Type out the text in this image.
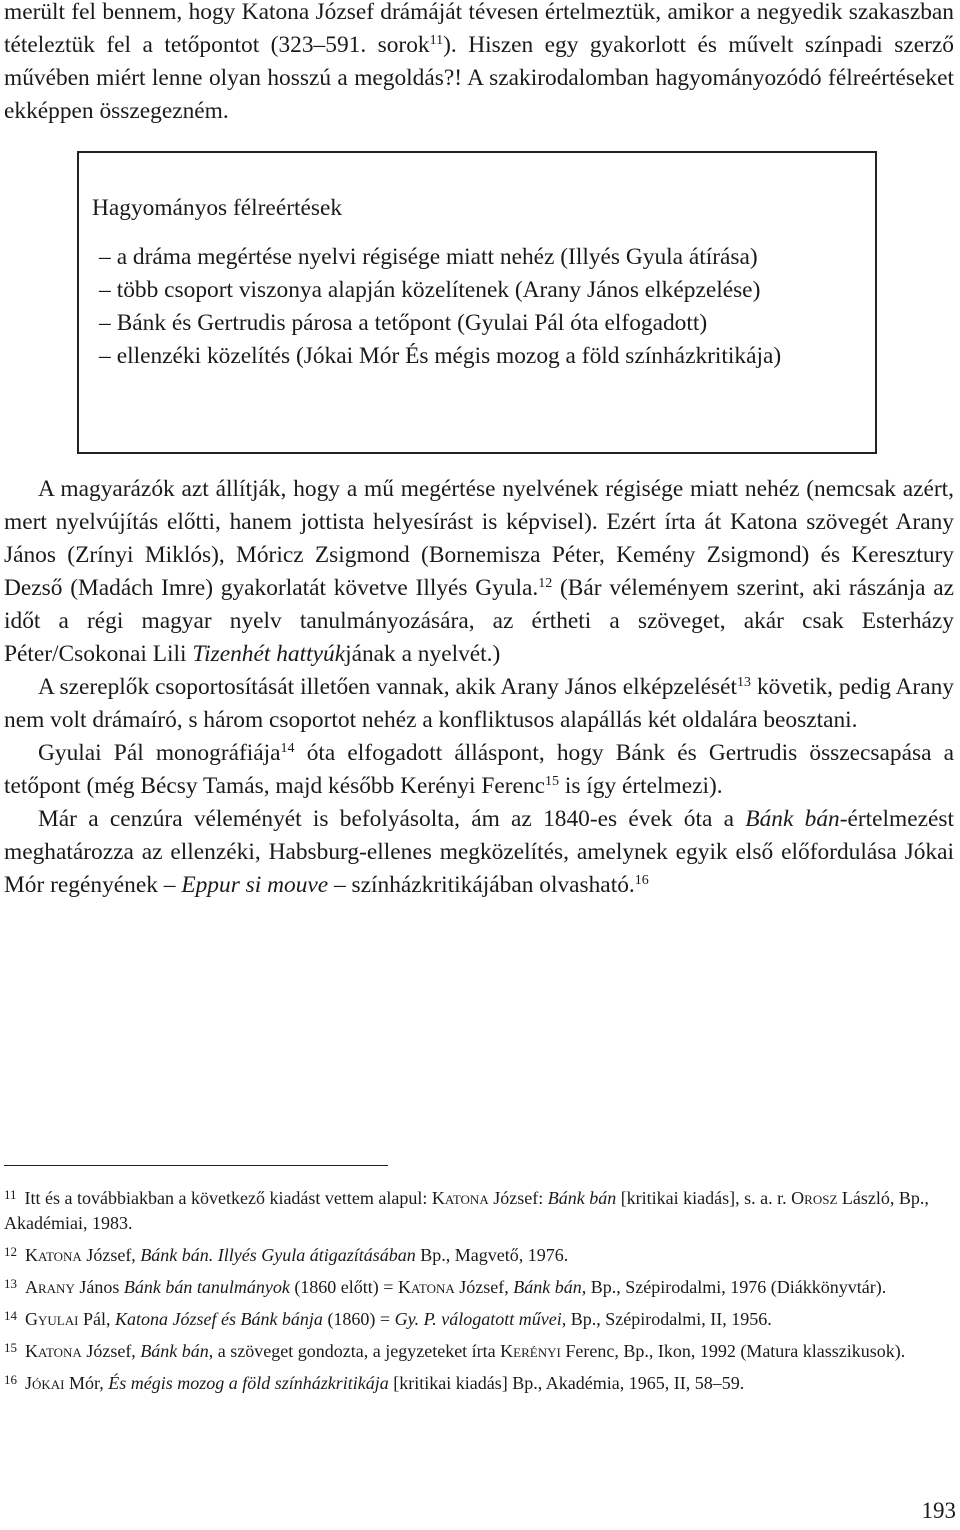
merült fel bennem, hogy Katona József drámáját tévesen értelmeztük, amikor a negyedik szakaszban tételeztük fel a tetőpontot (323–591. sorok$^{11}$). Hiszen egy gyakorlott és művelt színpadi szerző művében miért lenne olyan hosszú a megoldás?! A szakirodalomban hagyományozódó félreértéseket ekképpen összegezném.

Hagyományos félreértések
– a dráma megértése nyelvi régisége miatt nehéz (Illyés Gyula átírása)
– több csoport viszonya alapján közelítenek (Arany János elképzelése)
– Bánk és Gertrudis párosa a tetőpont (Gyulai Pál óta elfogadott)
– ellenzéki közelítés (Jókai Mór És mégis mozog a föld színházkritikája)

A magyarázók azt állítják, hogy a mű megértése nyelvének régisége miatt nehéz (nemcsak azért, mert nyelvújítás előtti, hanem jottista helyesírást is képvisel). Ezért írta át Katona szövegét Arany János (Zrínyi Miklós), Móricz Zsigmond (Bornemisza Péter, Kemény Zsigmond) és Keresztury Dezső (Madách Imre) gyakorlatát követve Illyés Gyula.$^{12}$ (Bár véleményem szerint, aki rászánja az időt a régi magyar nyelv tanulmányozására, az értheti a szöveget, akár csak Esterházy Péter/Csokonai Lili Tizenhét hattyúkjának a nyelvét.)

A szereplők csoportosítását illetően vannak, akik Arany János elképzelését$^{13}$ követik, pedig Arany nem volt drámaíró, s három csoportot nehéz a konfliktusos alapállás két oldalára beosztani.

Gyulai Pál monográfiája$^{14}$ óta elfogadott álláspont, hogy Bánk és Gertrudis összecsapása a tetőpont (még Bécsy Tamás, majd később Kerényi Ferenc$^{15}$ is így értelmezi).

Már a cenzúra véleményét is befolyásolta, ám az 1840-es évek óta a Bánk bán-értelmezést meghatározza az ellenzéki, Habsburg-ellenes megközelítés, amelynek egyik első előfordulása Jókai Mór regényének – Eppur si mouve – színházkritikájában olvasható.$^{16}$

$^{11}$ Itt és a továbbiakban a következő kiadást vettem alapul: Katona József: Bánk bán [kritikai kiadás], s. a. r. Orosz László, Bp., Akadémiai, 1983.

$^{12}$ Katona József, Bánk bán. Illyés Gyula átigazításában Bp., Magvető, 1976.

$^{13}$ Arany János Bánk bán tanulmányok (1860 előtt) = Katona József, Bánk bán, Bp., Szépirodalmi, 1976 (Diákkönyvtár).

$^{14}$ Gyulai Pál, Katona József és Bánk bánja (1860) = Gy. P. válogatott művei, Bp., Szépirodalmi, II, 1956.

$^{15}$ Katona József, Bánk bán, a szöveget gondozta, a jegyzeteket írta Kerényi Ferenc, Bp., Ikon, 1992 (Matura klasszikusok).

$^{16}$ Jókai Mór, És mégis mozog a föld színházkritikája [kritikai kiadás] Bp., Akadémia, 1965, II, 58–59.

193
